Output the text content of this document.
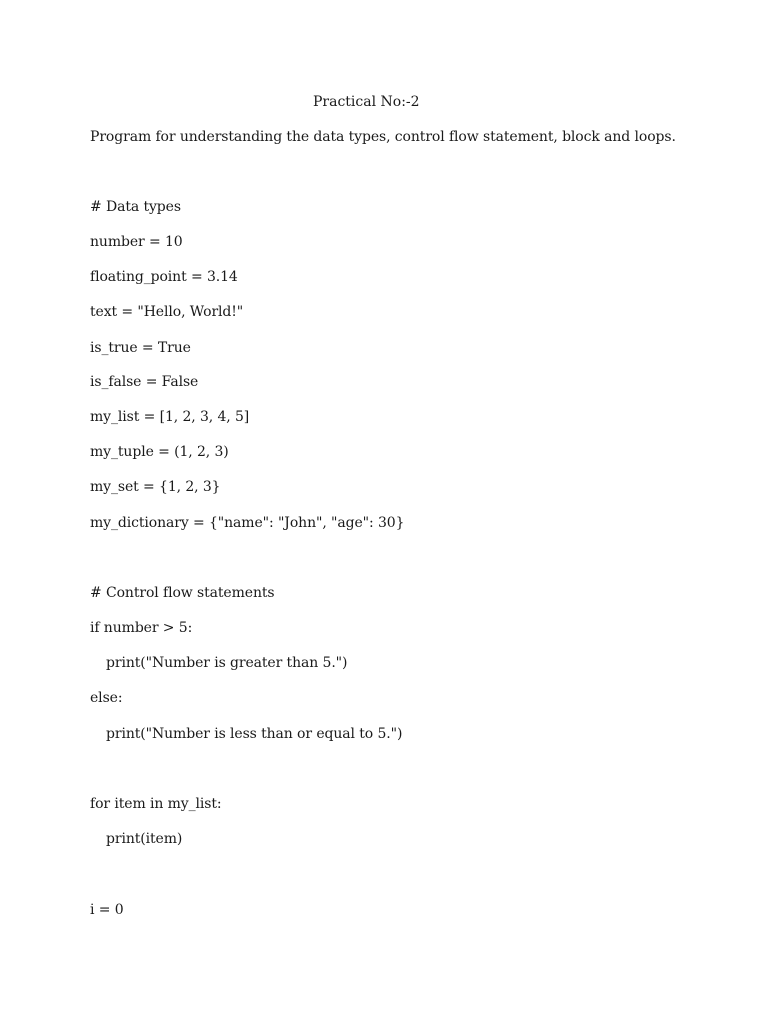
Practical No:-2
Program for understanding the data types, control flow statement, block and loops.
# Data types
number = 10
floating_point = 3.14
text = "Hello, World!"
is_true = True
is_false = False
my_list = [1, 2, 3, 4, 5]
my_tuple = (1, 2, 3)
my_set = {1, 2, 3}
my_dictionary = {"name": "John", "age": 30}
# Control flow statements
if number > 5:
print("Number is greater than 5.")
else:
print("Number is less than or equal to 5.")
for item in my_list:
print(item)
i = 0
